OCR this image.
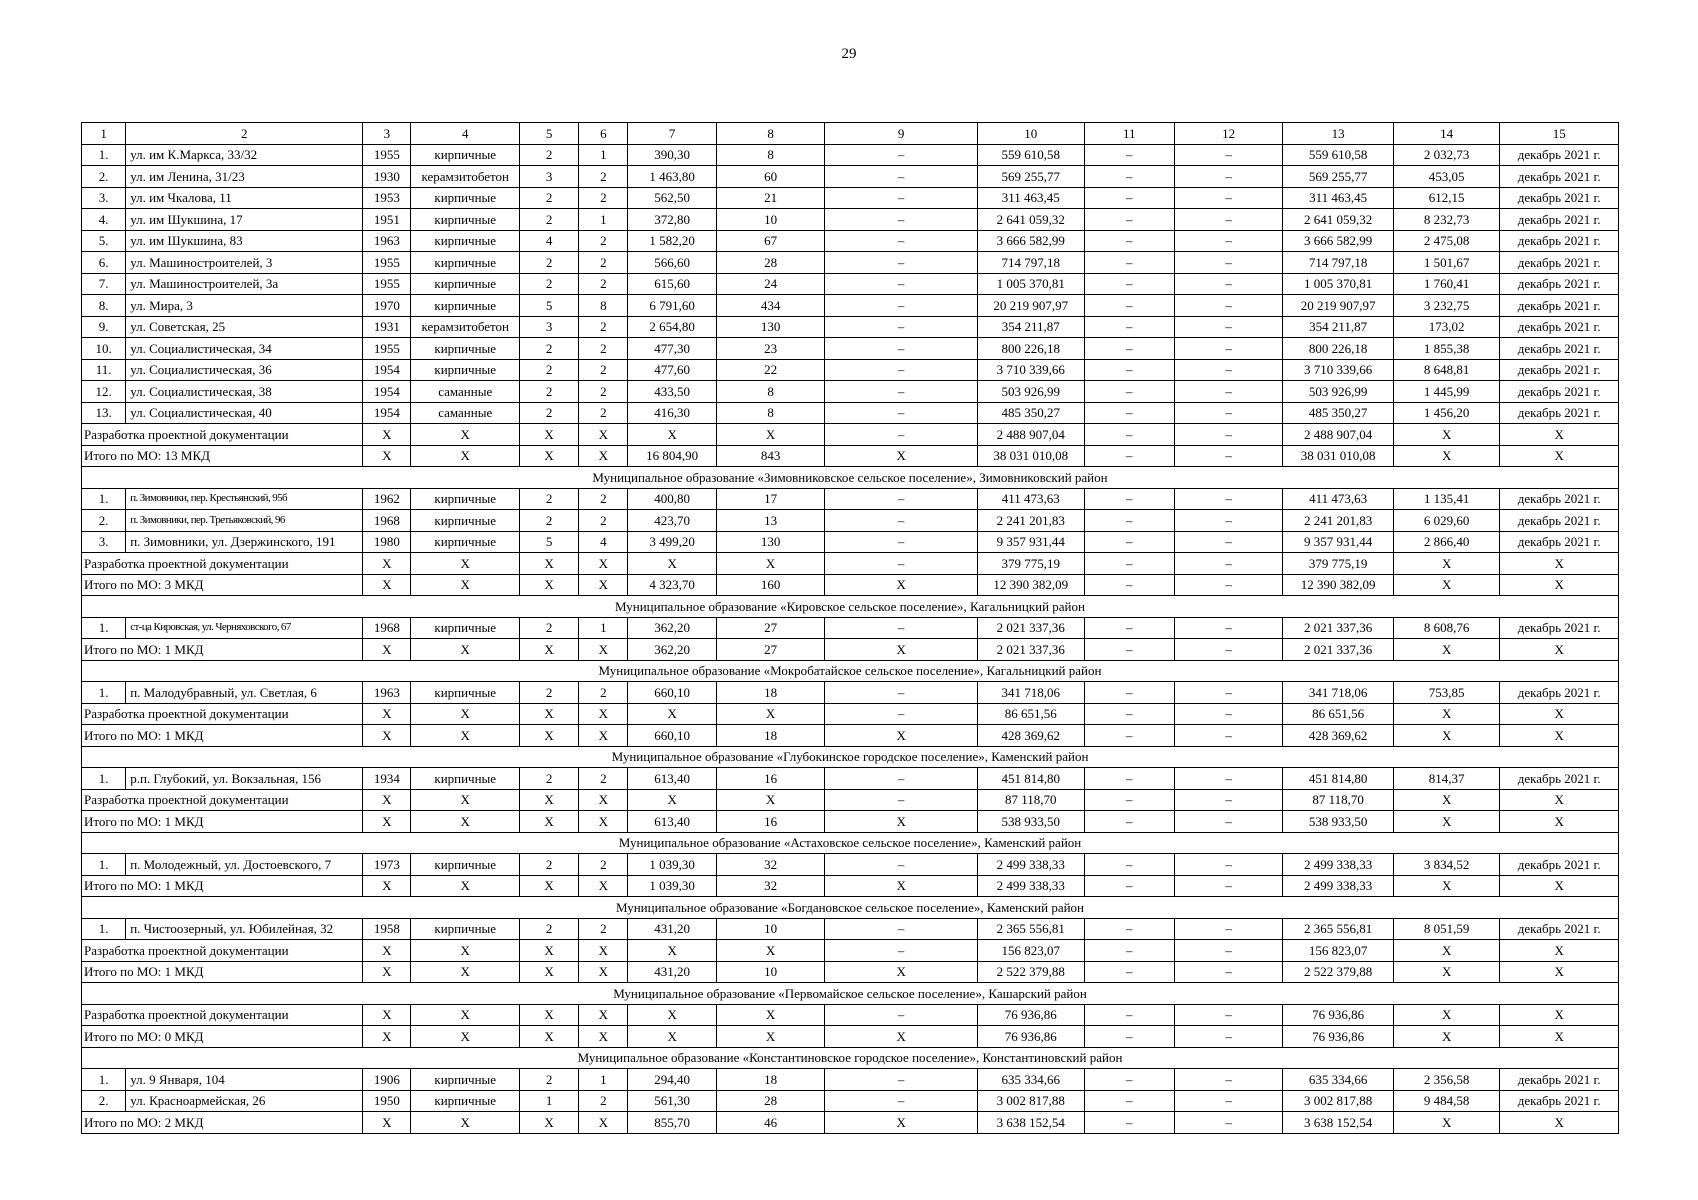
29
1	2	3	4	5	6	7	8	9	10	11	12	13	14	15
1.	ул. им К.Маркса, 33/32	1955	кирпичные	2	1	390,30	8	–	559 610,58	–	–	559 610,58	2 032,73	декабрь 2021 г.
2.	ул. им Ленина, 31/23	1930	керамзитобетон	3	2	1 463,80	60	–	569 255,77	–	–	569 255,77	453,05	декабрь 2021 г.
3.	ул. им Чкалова, 11	1953	кирпичные	2	2	562,50	21	–	311 463,45	–	–	311 463,45	612,15	декабрь 2021 г.
4.	ул. им Шукшина, 17	1951	кирпичные	2	1	372,80	10	–	2 641 059,32	–	–	2 641 059,32	8 232,73	декабрь 2021 г.
5.	ул. им Шукшина, 83	1963	кирпичные	4	2	1 582,20	67	–	3 666 582,99	–	–	3 666 582,99	2 475,08	декабрь 2021 г.
6.	ул. Машиностроителей, 3	1955	кирпичные	2	2	566,60	28	–	714 797,18	–	–	714 797,18	1 501,67	декабрь 2021 г.
7.	ул. Машиностроителей, 3а	1955	кирпичные	2	2	615,60	24	–	1 005 370,81	–	–	1 005 370,81	1 760,41	декабрь 2021 г.
8.	ул. Мира, 3	1970	кирпичные	5	8	6 791,60	434	–	20 219 907,97	–	–	20 219 907,97	3 232,75	декабрь 2021 г.
9.	ул. Советская, 25	1931	керамзитобетон	3	2	2 654,80	130	–	354 211,87	–	–	354 211,87	173,02	декабрь 2021 г.
10.	ул. Социалистическая, 34	1955	кирпичные	2	2	477,30	23	–	800 226,18	–	–	800 226,18	1 855,38	декабрь 2021 г.
11.	ул. Социалистическая, 36	1954	кирпичные	2	2	477,60	22	–	3 710 339,66	–	–	3 710 339,66	8 648,81	декабрь 2021 г.
12.	ул. Социалистическая, 38	1954	саманные	2	2	433,50	8	–	503 926,99	–	–	503 926,99	1 445,99	декабрь 2021 г.
13.	ул. Социалистическая, 40	1954	саманные	2	2	416,30	8	–	485 350,27	–	–	485 350,27	1 456,20	декабрь 2021 г.
Разработка проектной документации		X	X	X	X	X	X	–	2 488 907,04	–	–	2 488 907,04	X	X
Итого по МО: 13 МКД		X	X	X	X	16 804,90	843	X	38 031 010,08	–	–	38 031 010,08	X	X
Муниципальное образование «Зимовниковское сельское поселение», Зимовниковский район														
1.	п. Зимовники, пер. Крестьянский, 95б	1962	кирпичные	2	2	400,80	17	–	411 473,63	–	–	411 473,63	1 135,41	декабрь 2021 г.
2.	п. Зимовники, пер. Третьяковский, 96	1968	кирпичные	2	2	423,70	13	–	2 241 201,83	–	–	2 241 201,83	6 029,60	декабрь 2021 г.
3.	п. Зимовники, ул. Дзержинского, 191	1980	кирпичные	5	4	3 499,20	130	–	9 357 931,44	–	–	9 357 931,44	2 866,40	декабрь 2021 г.
Разработка проектной документации		X	X	X	X	X	X	–	379 775,19	–	–	379 775,19	X	X
Итого по МО: 3 МКД		X	X	X	X	4 323,70	160	X	12 390 382,09	–	–	12 390 382,09	X	X
Муниципальное образование «Кировское сельское поселение», Кагальницкий район														
1.	ст-ца Кировская, ул. Черняховского, 67	1968	кирпичные	2	1	362,20	27	–	2 021 337,36	–	–	2 021 337,36	8 608,76	декабрь 2021 г.
Итого по МО: 1 МКД		X	X	X	X	362,20	27	X	2 021 337,36	–	–	2 021 337,36	X	X
Муниципальное образование «Мокробатайское сельское поселение», Кагальницкий район														
1.	п. Малодубравный, ул. Светлая, 6	1963	кирпичные	2	2	660,10	18	–	341 718,06	–	–	341 718,06	753,85	декабрь 2021 г.
Разработка проектной документации		X	X	X	X	X	X	–	86 651,56	–	–	86 651,56	X	X
Итого по МО: 1 МКД		X	X	X	X	660,10	18	X	428 369,62	–	–	428 369,62	X	X
Муниципальное образование «Глубокинское городское поселение», Каменский район														
1.	р.п. Глубокий, ул. Вокзальная, 156	1934	кирпичные	2	2	613,40	16	–	451 814,80	–	–	451 814,80	814,37	декабрь 2021 г.
Разработка проектной документации		X	X	X	X	X	X	–	87 118,70	–	–	87 118,70	X	X
Итого по МО: 1 МКД		X	X	X	X	613,40	16	X	538 933,50	–	–	538 933,50	X	X
Муниципальное образование «Астаховское сельское поселение», Каменский район														
1.	п. Молодежный, ул. Достоевского, 7	1973	кирпичные	2	2	1 039,30	32	–	2 499 338,33	–	–	2 499 338,33	3 834,52	декабрь 2021 г.
Итого по МО: 1 МКД		X	X	X	X	1 039,30	32	X	2 499 338,33	–	–	2 499 338,33	X	X
Муниципальное образование «Богдановское сельское поселение», Каменский район														
1.	п. Чистоозерный, ул. Юбилейная, 32	1958	кирпичные	2	2	431,20	10	–	2 365 556,81	–	–	2 365 556,81	8 051,59	декабрь 2021 г.
Разработка проектной документации		X	X	X	X	X	X	–	156 823,07	–	–	156 823,07	X	X
Итого по МО: 1 МКД		X	X	X	X	431,20	10	X	2 522 379,88	–	–	2 522 379,88	X	X
Муниципальное образование «Первомайское сельское поселение», Кашарский район														
Разработка проектной документации		X	X	X	X	X	X	–	76 936,86	–	–	76 936,86	X	X
Итого по МО: 0 МКД		X	X	X	X	X	X	X	76 936,86	–	–	76 936,86	X	X
Муниципальное образование «Константиновское городское поселение», Константиновский район														
1.	ул. 9 Января, 104	1906	кирпичные	2	1	294,40	18	–	635 334,66	–	–	635 334,66	2 356,58	декабрь 2021 г.
2.	ул. Красноармейская, 26	1950	кирпичные	1	2	561,30	28	–	3 002 817,88	–	–	3 002 817,88	9 484,58	декабрь 2021 г.
Итого по МО: 2 МКД		X	X	X	X	855,70	46	X	3 638 152,54	–	–	3 638 152,54	X	X
